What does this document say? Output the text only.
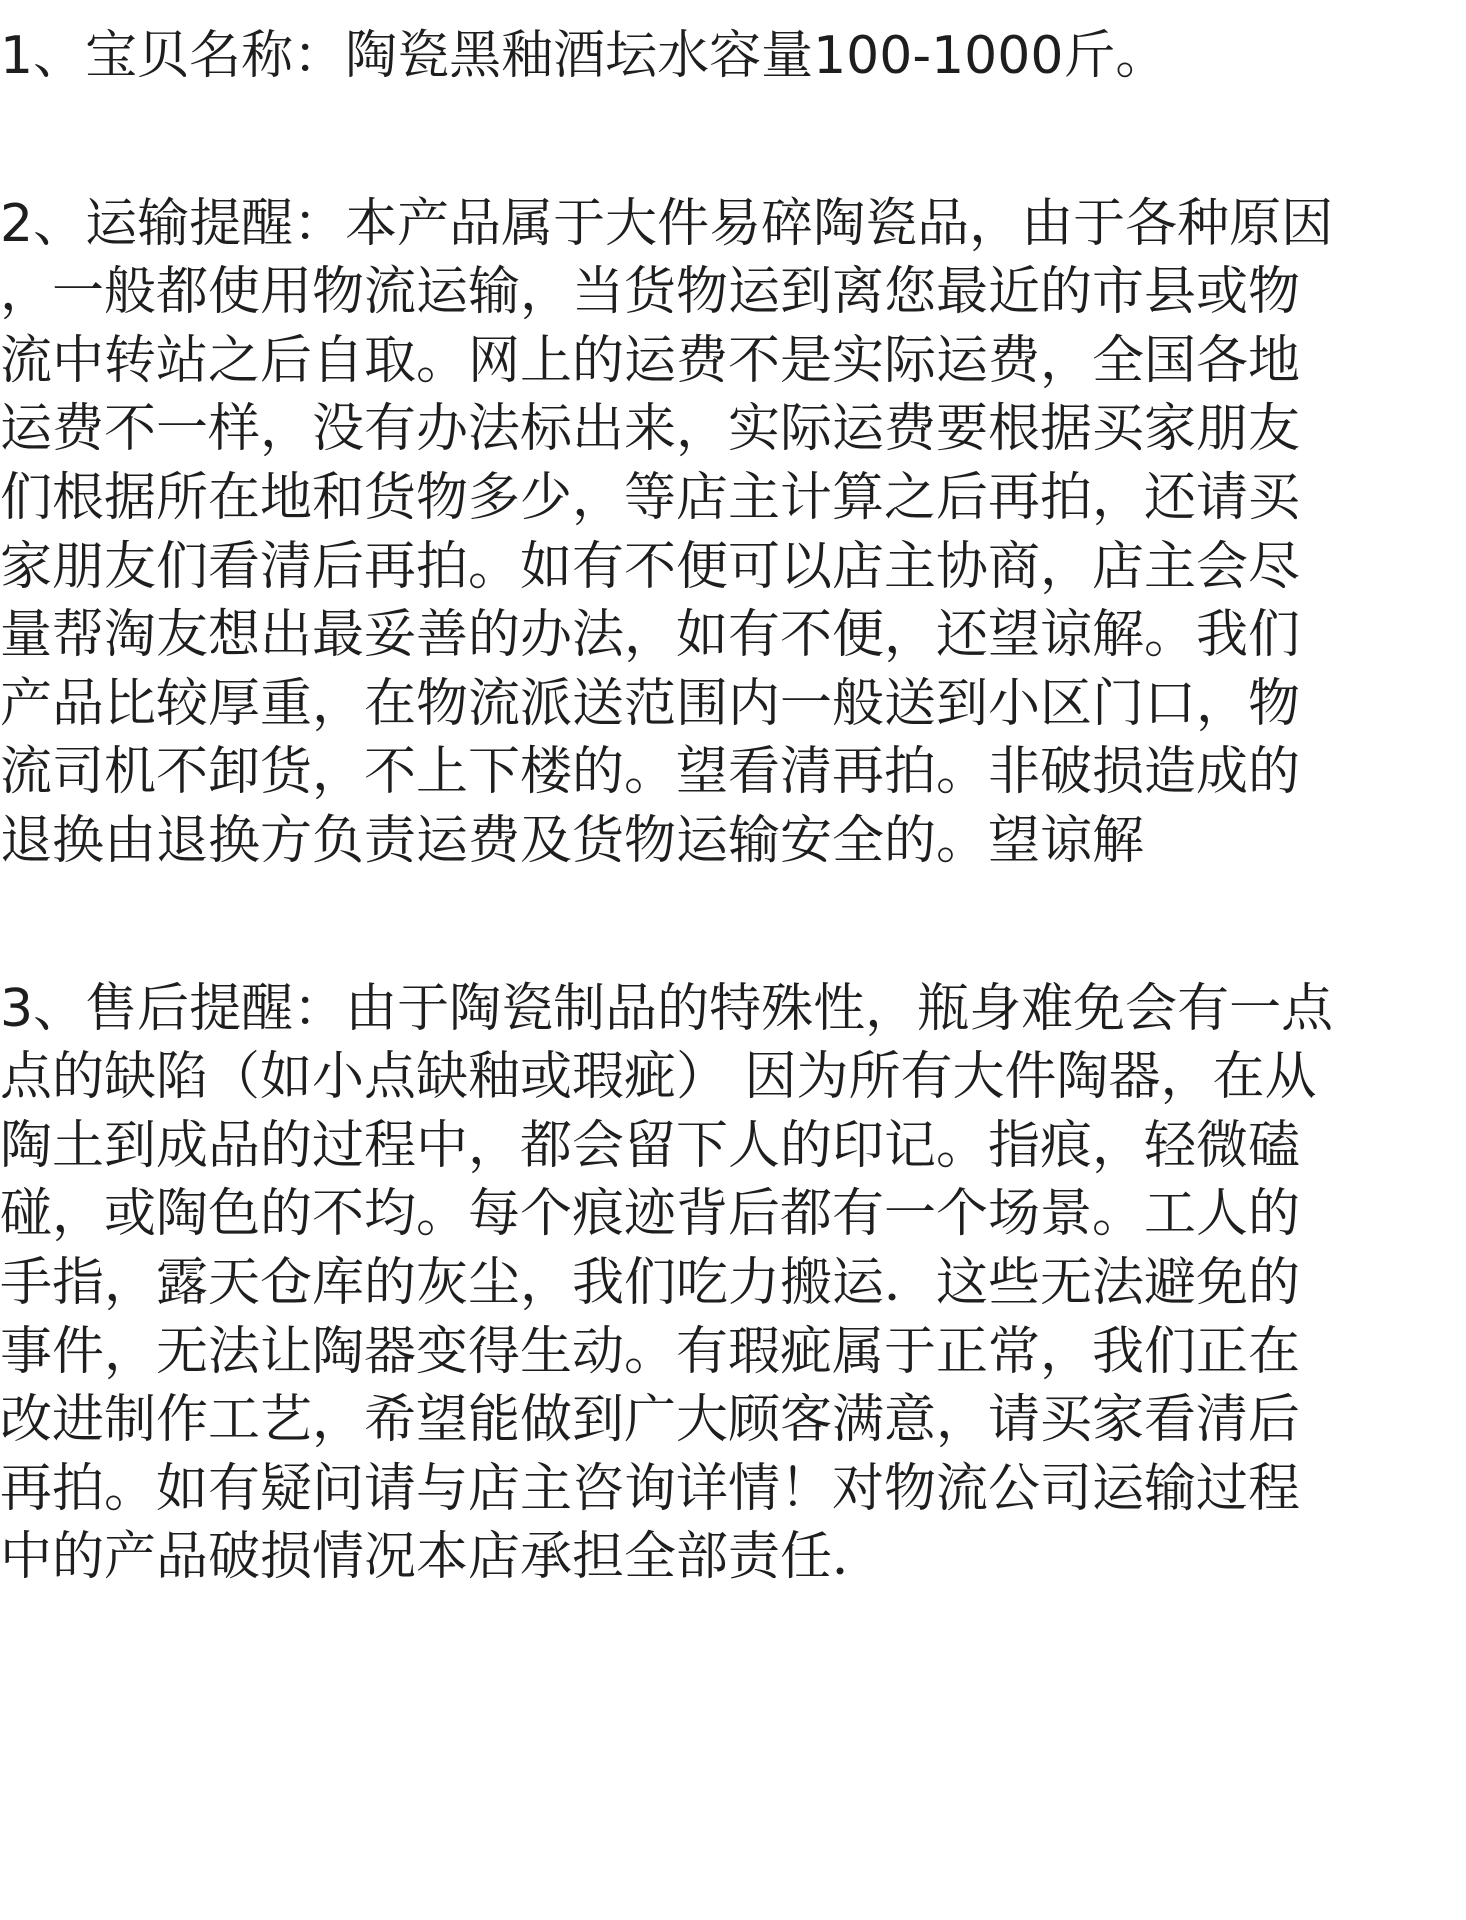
1、宝贝名称：陶瓷黑釉酒坛水容量100-1000斤。
2、运输提醒：本产品属于大件易碎陶瓷品，由于各种原因
，一般都使用物流运输，当货物运到离您最近的市县或物
流中转站之后自取。网上的运费不是实际运费，全国各地
运费不一样，没有办法标出来，实际运费要根据买家朋友
们根据所在地和货物多少，等店主计算之后再拍，还请买
家朋友们看清后再拍。如有不便可以店主协商，店主会尽
量帮淘友想出最妥善的办法，如有不便，还望谅解。我们
产品比较厚重，在物流派送范围内一般送到小区门口，物
流司机不卸货，不上下楼的。望看清再拍。非破损造成的
退换由退换方负责运费及货物运输安全的。望谅解
3、售后提醒：由于陶瓷制品的特殊性，瓶身难免会有一点
点的缺陷（如小点缺釉或瑕疵） 因为所有大件陶器，在从
陶土到成品的过程中，都会留下人的印记。指痕，轻微磕
碰，或陶色的不均。每个痕迹背后都有一个场景。工人的
手指，露天仓库的灰尘，我们吃力搬运．这些无法避免的
事件，无法让陶器变得生动。有瑕疵属于正常，我们正在
改进制作工艺，希望能做到广大顾客满意，请买家看清后
再拍。如有疑问请与店主咨询详情！对物流公司运输过程
中的产品破损情况本店承担全部责任．
